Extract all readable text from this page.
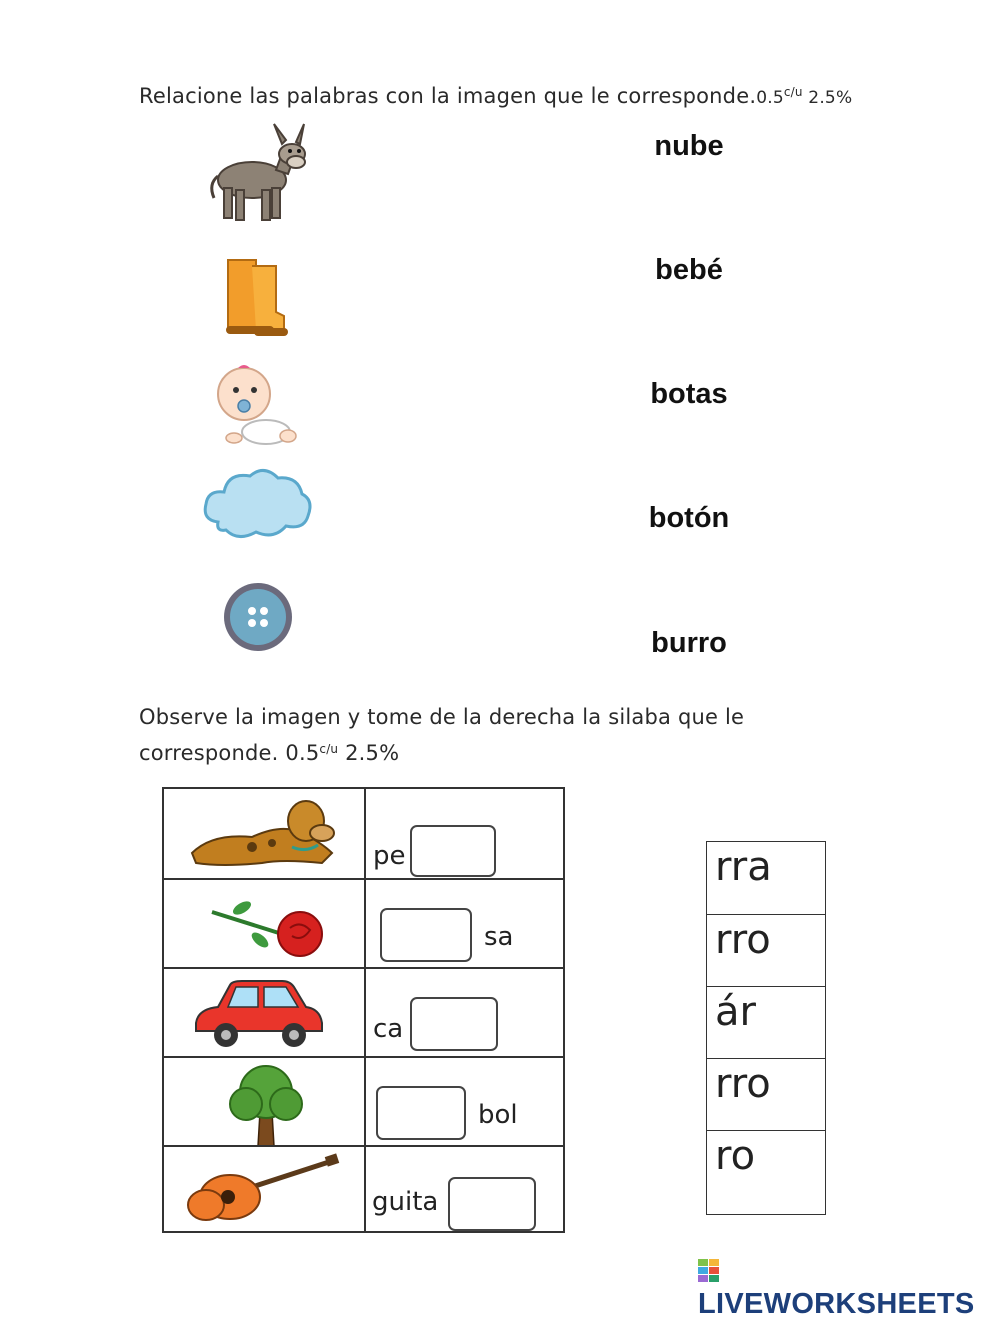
Relacione las palabras con la imagen que le $corresponde.0.5^{c/u}$ 2.5%
nube
bebé
botas
botón
burro
Observe la imagen y tome de la derecha la silaba que le
corresponde. $0.5^{c/u}$ 2.5%
pe
sa
ca
bol
guita
rra
rro
ár
rro
ro
LIVEWORKSHEETS
